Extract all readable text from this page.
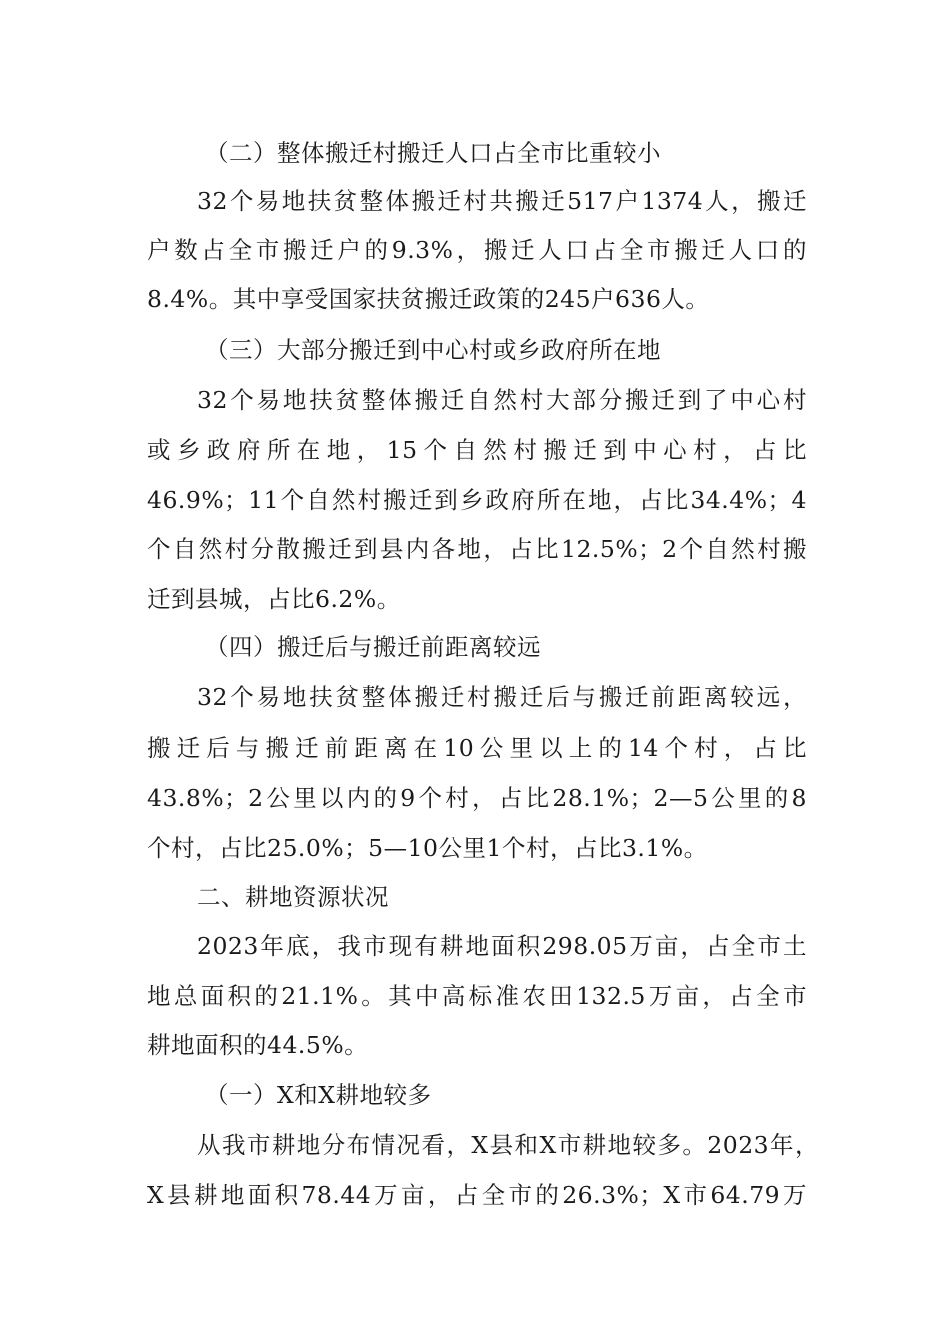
（二）整体搬迁村搬迁人口占全市比重较小
32个易地扶贫整体搬迁村共搬迁517户1374人，搬迁
户数占全市搬迁户的9.3%，搬迁人口占全市搬迁人口的
8.4%。其中享受国家扶贫搬迁政策的245户636人。
（三）大部分搬迁到中心村或乡政府所在地
32个易地扶贫整体搬迁自然村大部分搬迁到了中心村
或乡政府所在地，15个自然村搬迁到中心村，占比
46.9%；11个自然村搬迁到乡政府所在地，占比34.4%；4
个自然村分散搬迁到县内各地，占比12.5%；2个自然村搬
迁到县城，占比6.2%。
（四）搬迁后与搬迁前距离较远
32个易地扶贫整体搬迁村搬迁后与搬迁前距离较远，
搬迁后与搬迁前距离在10公里以上的14个村，占比
43.8%；2公里以内的9个村，占比28.1%；2—5公里的8
个村，占比25.0%；5—10公里1个村，占比3.1%。
二、耕地资源状况
2023年底，我市现有耕地面积298.05万亩，占全市土
地总面积的21.1%。其中高标准农田132.5万亩，占全市
耕地面积的44.5%。
（一）X和X耕地较多
从我市耕地分布情况看，X县和X市耕地较多。2023年，
X县耕地面积78.44万亩，占全市的26.3%；X市64.79万
